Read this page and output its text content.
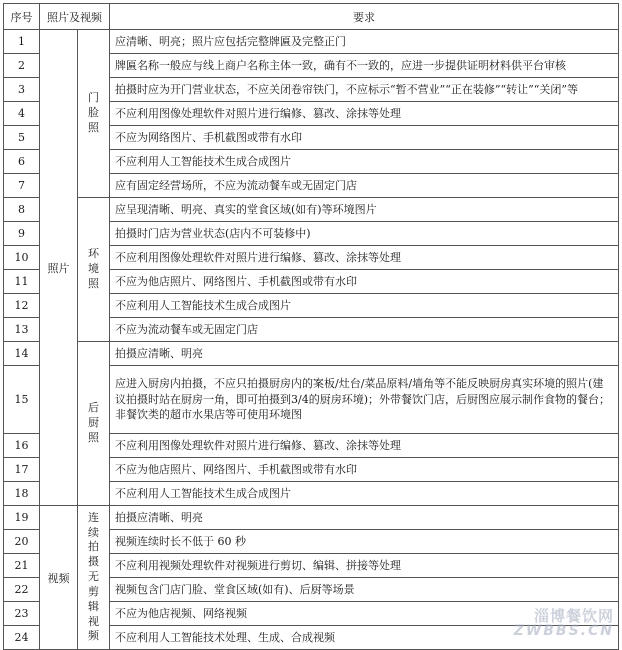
序号	照片及视频		要求
1	照片	门脸照	应清晰、明亮；照片应包括完整牌匾及完整正门
2			牌匾名称一般应与线上商户名称主体一致，确有不一致的，应进一步提供证明材料供平台审核
3			拍摄时应为开门营业状态，不应关闭卷帘铁门，不应标示“暂不营业”“正在装修”“转让”“关闭”等
4			不应利用图像处理软件对照片进行编修、篡改、涂抹等处理
5			不应为网络图片、手机截图或带有水印
6			不应利用人工智能技术生成合成图片
7			应有固定经营场所，不应为流动餐车或无固定门店
8		环境照	应呈现清晰、明亮、真实的堂食区域(如有)等环境图片
9			拍摄时门店为营业状态(店内不可装修中)
10			不应利用图像处理软件对照片进行编修、篡改、涂抹等处理
11			不应为他店照片、网络图片、手机截图或带有水印
12			不应利用人工智能技术生成合成图片
13			不应为流动餐车或无固定门店
14		后厨照	拍摄应清晰、明亮
15			应进入厨房内拍摄，不应只拍摄厨房内的案板/灶台/菜品原料/墙角等不能反映厨房真实环境的照片(建议拍摄时站在厨房一角，即可拍摄到3/4的厨房环境)；外带餐饮门店，后厨图应展示制作食物的餐台；非餐饮类的超市水果店等可使用环境图
16			不应利用图像处理软件对照片进行编修、篡改、涂抹等处理
17			不应为他店照片、网络图片、手机截图或带有水印
18			不应利用人工智能技术生成合成图片
19	视频	连续拍摄无剪辑视频	拍摄应清晰、明亮
20			视频连续时长不低于 60 秒
21			不应利用视频处理软件对视频进行剪切、编辑、拼接等处理
22			视频包含门店门脸、堂食区域(如有)、后厨等场景
23			不应为他店视频、网络视频
24			不应利用人工智能技术处理、生成、合成视频
淄博餐饮网
ZWBBS.CN
